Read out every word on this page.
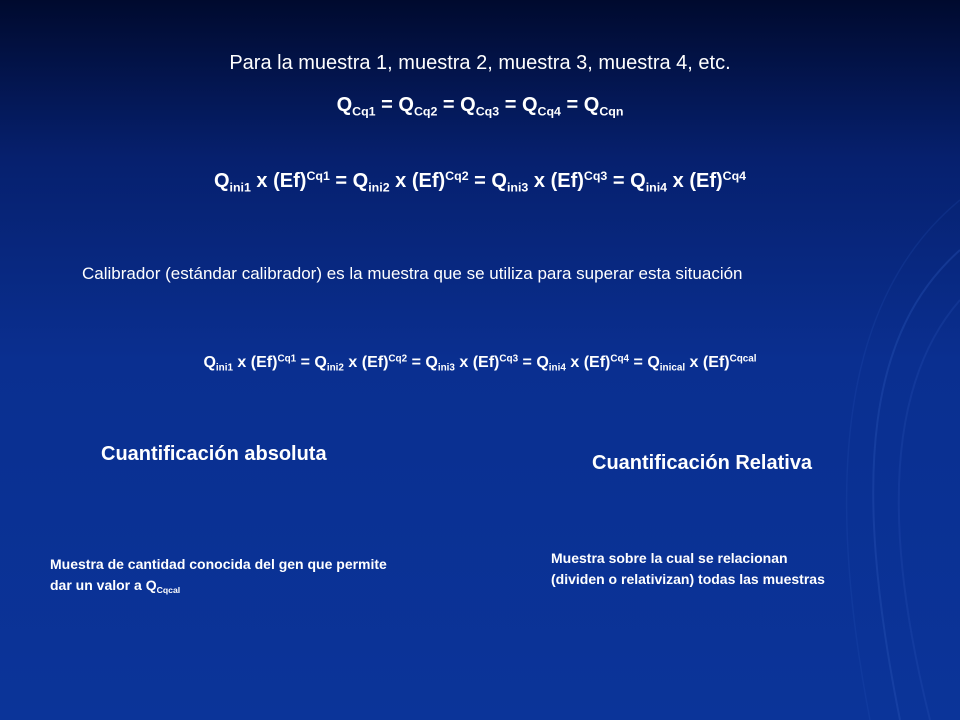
Para la muestra 1, muestra 2, muestra 3, muestra 4, etc.
$Q_{Cq1} = Q_{Cq2} = Q_{Cq3} = Q_{Cq4} = Q_{Cqn}$
$Q_{ini1}$ x $(Ef)^{Cq1} = Q_{ini2}$ x $(Ef)^{Cq2} = Q_{ini3}$ x $(Ef)^{Cq3} = Q_{ini4}$ x $(Ef)^{Cq4}$
Calibrador (estándar calibrador) es la muestra que se utiliza para superar esta situación
$Q_{ini1}$ x $(Ef)^{Cq1} = Q_{ini2}$ x $(Ef)^{Cq2} = Q_{ini3}$ x $(Ef)^{Cq3} = Q_{ini4}$ x $(Ef)^{Cq4} = Q_{inical}$ x $(Ef)^{Cqcal}$
Cuantificación absoluta	Cuantificación Relativa
Muestra de cantidad conocida del gen que permite
dar un valor a $Q_{Cqcal}$
Muestra sobre la cual se relacionan
(dividen o relativizan) todas las muestras
